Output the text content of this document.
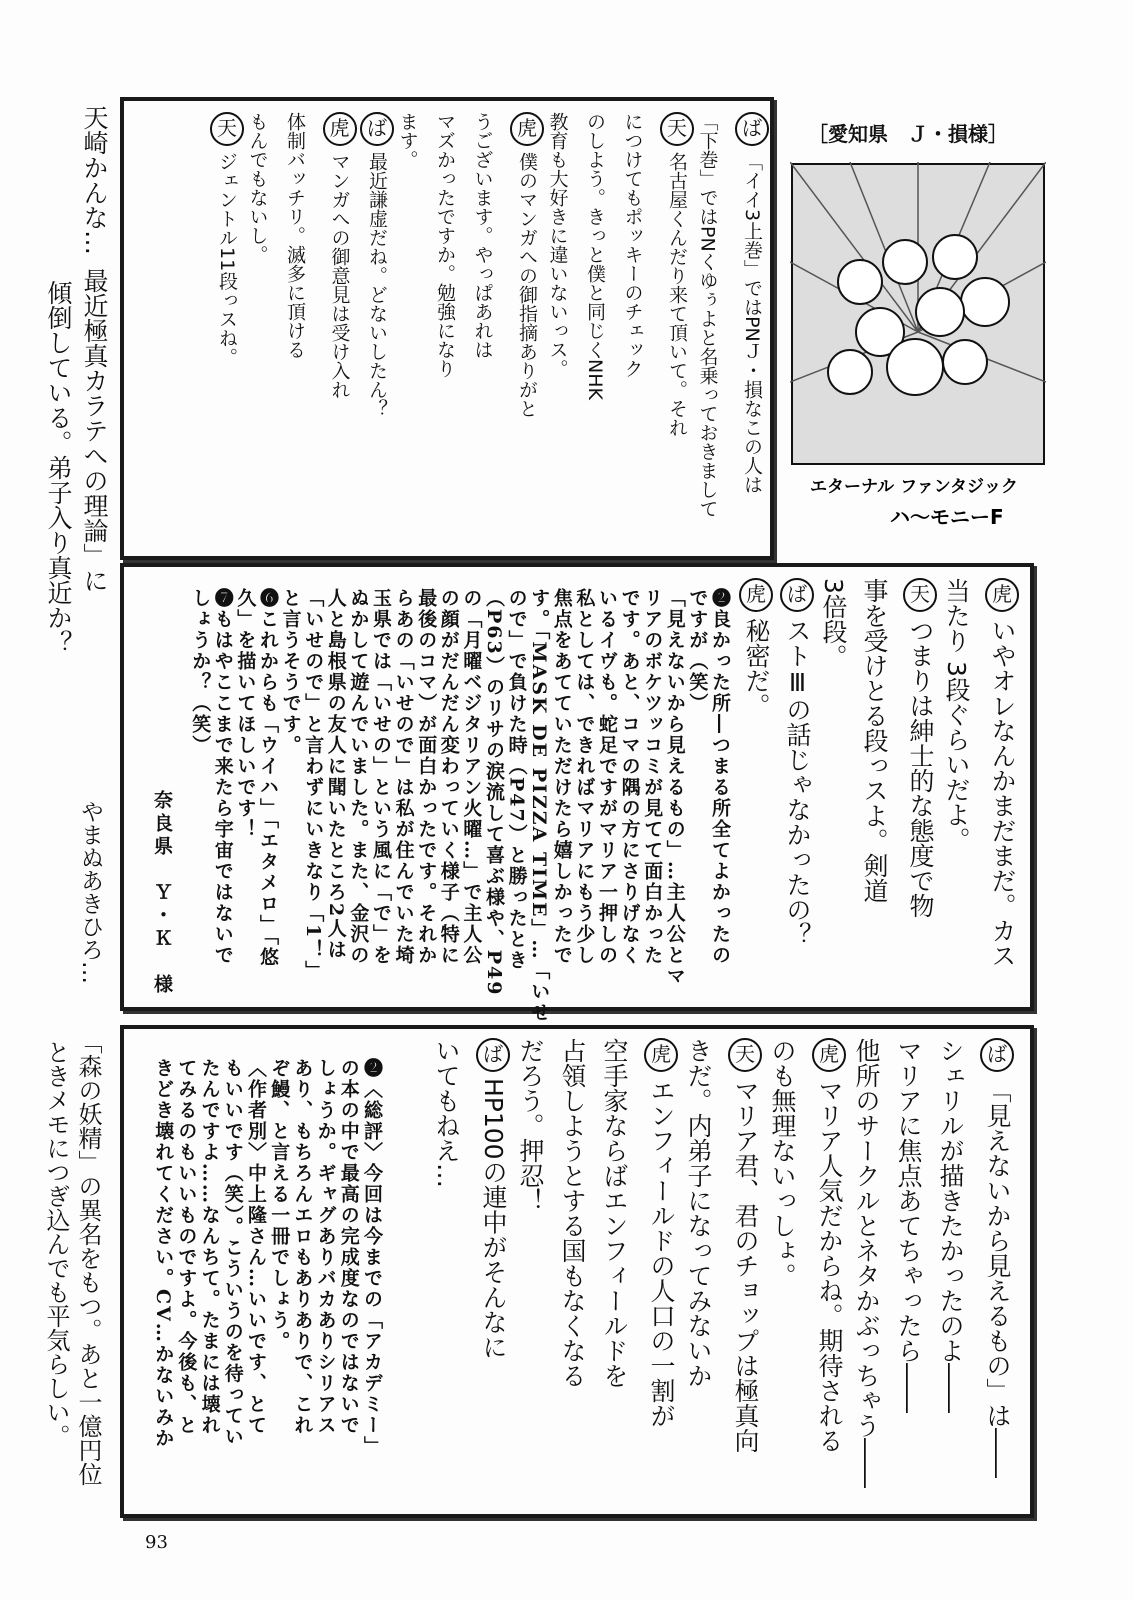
［愛知県　Ｊ・損様］
エターナル ファンタジック
ハ〜モニーF
天崎かんな…
最近極真カラテへの理論」に
傾倒している。弟子入り真近か？
やまぬあきひろ…
「森の妖精」の異名をもつ。あと一億円位
ときメモにつぎ込んでも平気らしい。
ば「イイ3上巻」ではPNＪ・損なこの人は
「下巻」ではPNくゆぅよと名乗っておきまして
天名古屋くんだり来て頂いて。それ
につけてもポッキーのチェック
のしよう。きっと僕と同じくNHK
教育も大好きに違いないっス。
虎僕のマンガへの御指摘ありがと
うございます。やっぱあれは
マズかったですか。勉強になり
ます。
ば最近謙虚だね。どないしたん？
虎マンガへの御意見は受け入れ
体制バッチリ。滅多に頂ける
もんでもないし。
天ジェントル11段っスね。
虎いやオレなんかまだまだ。カス
当たり 3段ぐらいだよ。
天つまりは紳士的な態度で物
事を受けとる段っスよ。剣道
3倍段。
ばストⅢの話じゃなかったの？
虎秘密だ。
❷良かった所―つまる所全てよかったの
ですが（笑）
「見えないから見えるもの」…主人公とマ
リアのボケツッコミが見てて面白かった
です。あと、コマの隅の方にさりげなく
いるイヴも。蛇足ですがマリア一押しの
私としては、できればマリアにもう少し
焦点をあてていただけたら嬉しかったで
す。「MASK DE PIZZA TIME」…「いせ
ので」で負けた時（P47）と勝ったとき
（P63）のリサの涙流して喜ぶ様や、P49
の「月曜ベジタリアン火曜…」で主人公
の顔がだんだん変わっていく様子（特に
最後のコマ）が面白かったです。それか
らあの「いせので」は私が住んでいた埼
玉県では「いせの」という風に「で」を
ぬかして遊んでいました。また、金沢の
人と島根県の友人に聞いたところ2人は
「いせので」と言わずにいきなり「1！」
と言うそうです。
❻これからも「ウイハ」「エタメロ」「悠
久」を描いてほしいです！
❼もはやここまで来たら宇宙ではないで
しょうか？（笑）
奈良県　Ｙ・Ｋ　様
ば「見えないから見えるもの」は――
シェリルが描きたかったのよ――
マリアに焦点あてちゃったら――
他所のサークルとネタかぶっちゃう――
虎マリア人気だからね。期待される
のも無理ないっしょ。
天マリア君、君のチョップは極真向
きだ。内弟子になってみないか
虎エンフィールドの人口の一割が
空手家ならばエンフィールドを
占領しようとする国もなくなる
だろう。押忍！
ばHP100の連中がそんなに
いてもねえ…
❷〈総評〉今回は今までの「アカデミー」
の本の中で最高の完成度なのではないで
しょうか。ギャグありバカありシリアス
あり、もちろんエロもありありで、これ
ぞ鰻、と言える一冊でしょう。
〈作者別〉中上隆さん…いいです、とて
もいいです（笑）。こういうのを待ってい
たんですよ……なんちて。たまには壊れ
てみるのもいいものですよ。今後も、と
きどき壊れてください。CV…かないみか
93
